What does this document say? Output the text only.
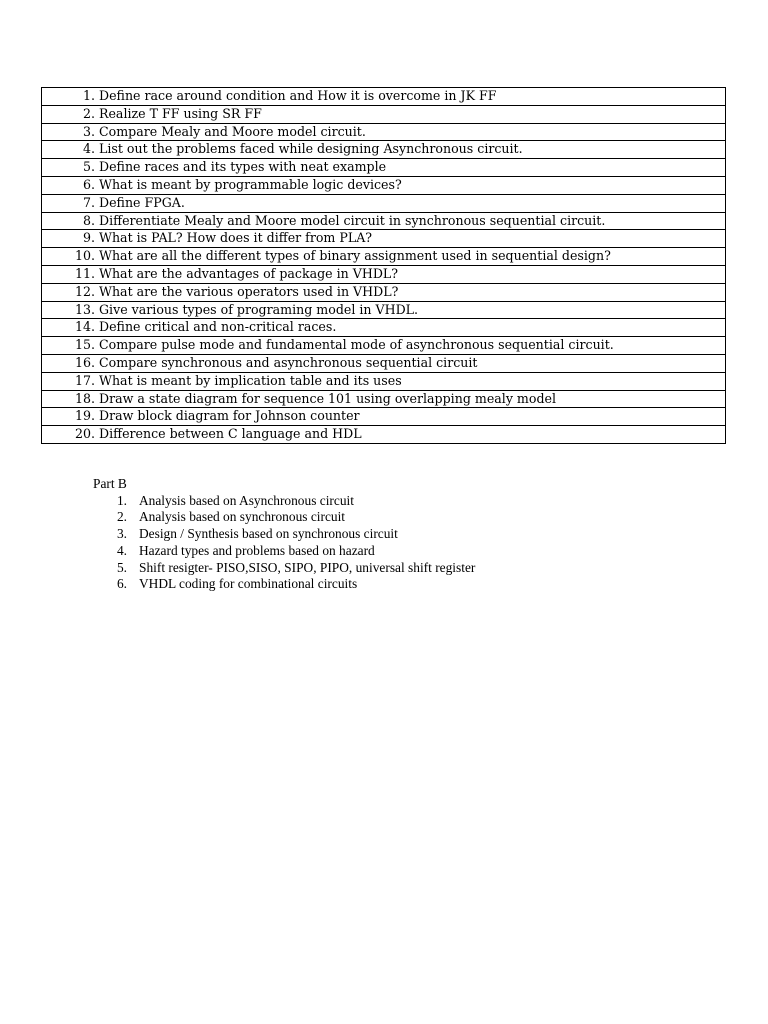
1. Define race around condition and How it is overcome in JK FF
2. Realize T FF using SR FF
3. Compare Mealy and Moore model circuit.
4. List out the problems faced while designing Asynchronous circuit.
5. Define races and its types with neat example
6. What is meant by programmable logic devices?
7. Define FPGA.
8. Differentiate Mealy and Moore model circuit in synchronous sequential circuit.
9. What is PAL? How does it differ from PLA?
10. What are all the different types of binary assignment used in sequential design?
11. What are the advantages of package in VHDL?
12. What are the various operators used in VHDL?
13. Give various types of programing model in VHDL.
14. Define critical and non-critical races.
15. Compare pulse mode and fundamental mode of asynchronous sequential circuit.
16. Compare synchronous and asynchronous sequential circuit
17. What is meant by implication table and its uses
18. Draw a state diagram for sequence 101 using overlapping mealy model
19. Draw block diagram for Johnson counter
20. Difference between C language and HDL

Part B

1. Analysis based on Asynchronous circuit
2. Analysis based on synchronous circuit
3. Design / Synthesis based on synchronous circuit
4. Hazard types and problems based on hazard
5. Shift resigter- PISO,SISO, SIPO, PIPO, universal shift register
6. VHDL coding for combinational circuits
